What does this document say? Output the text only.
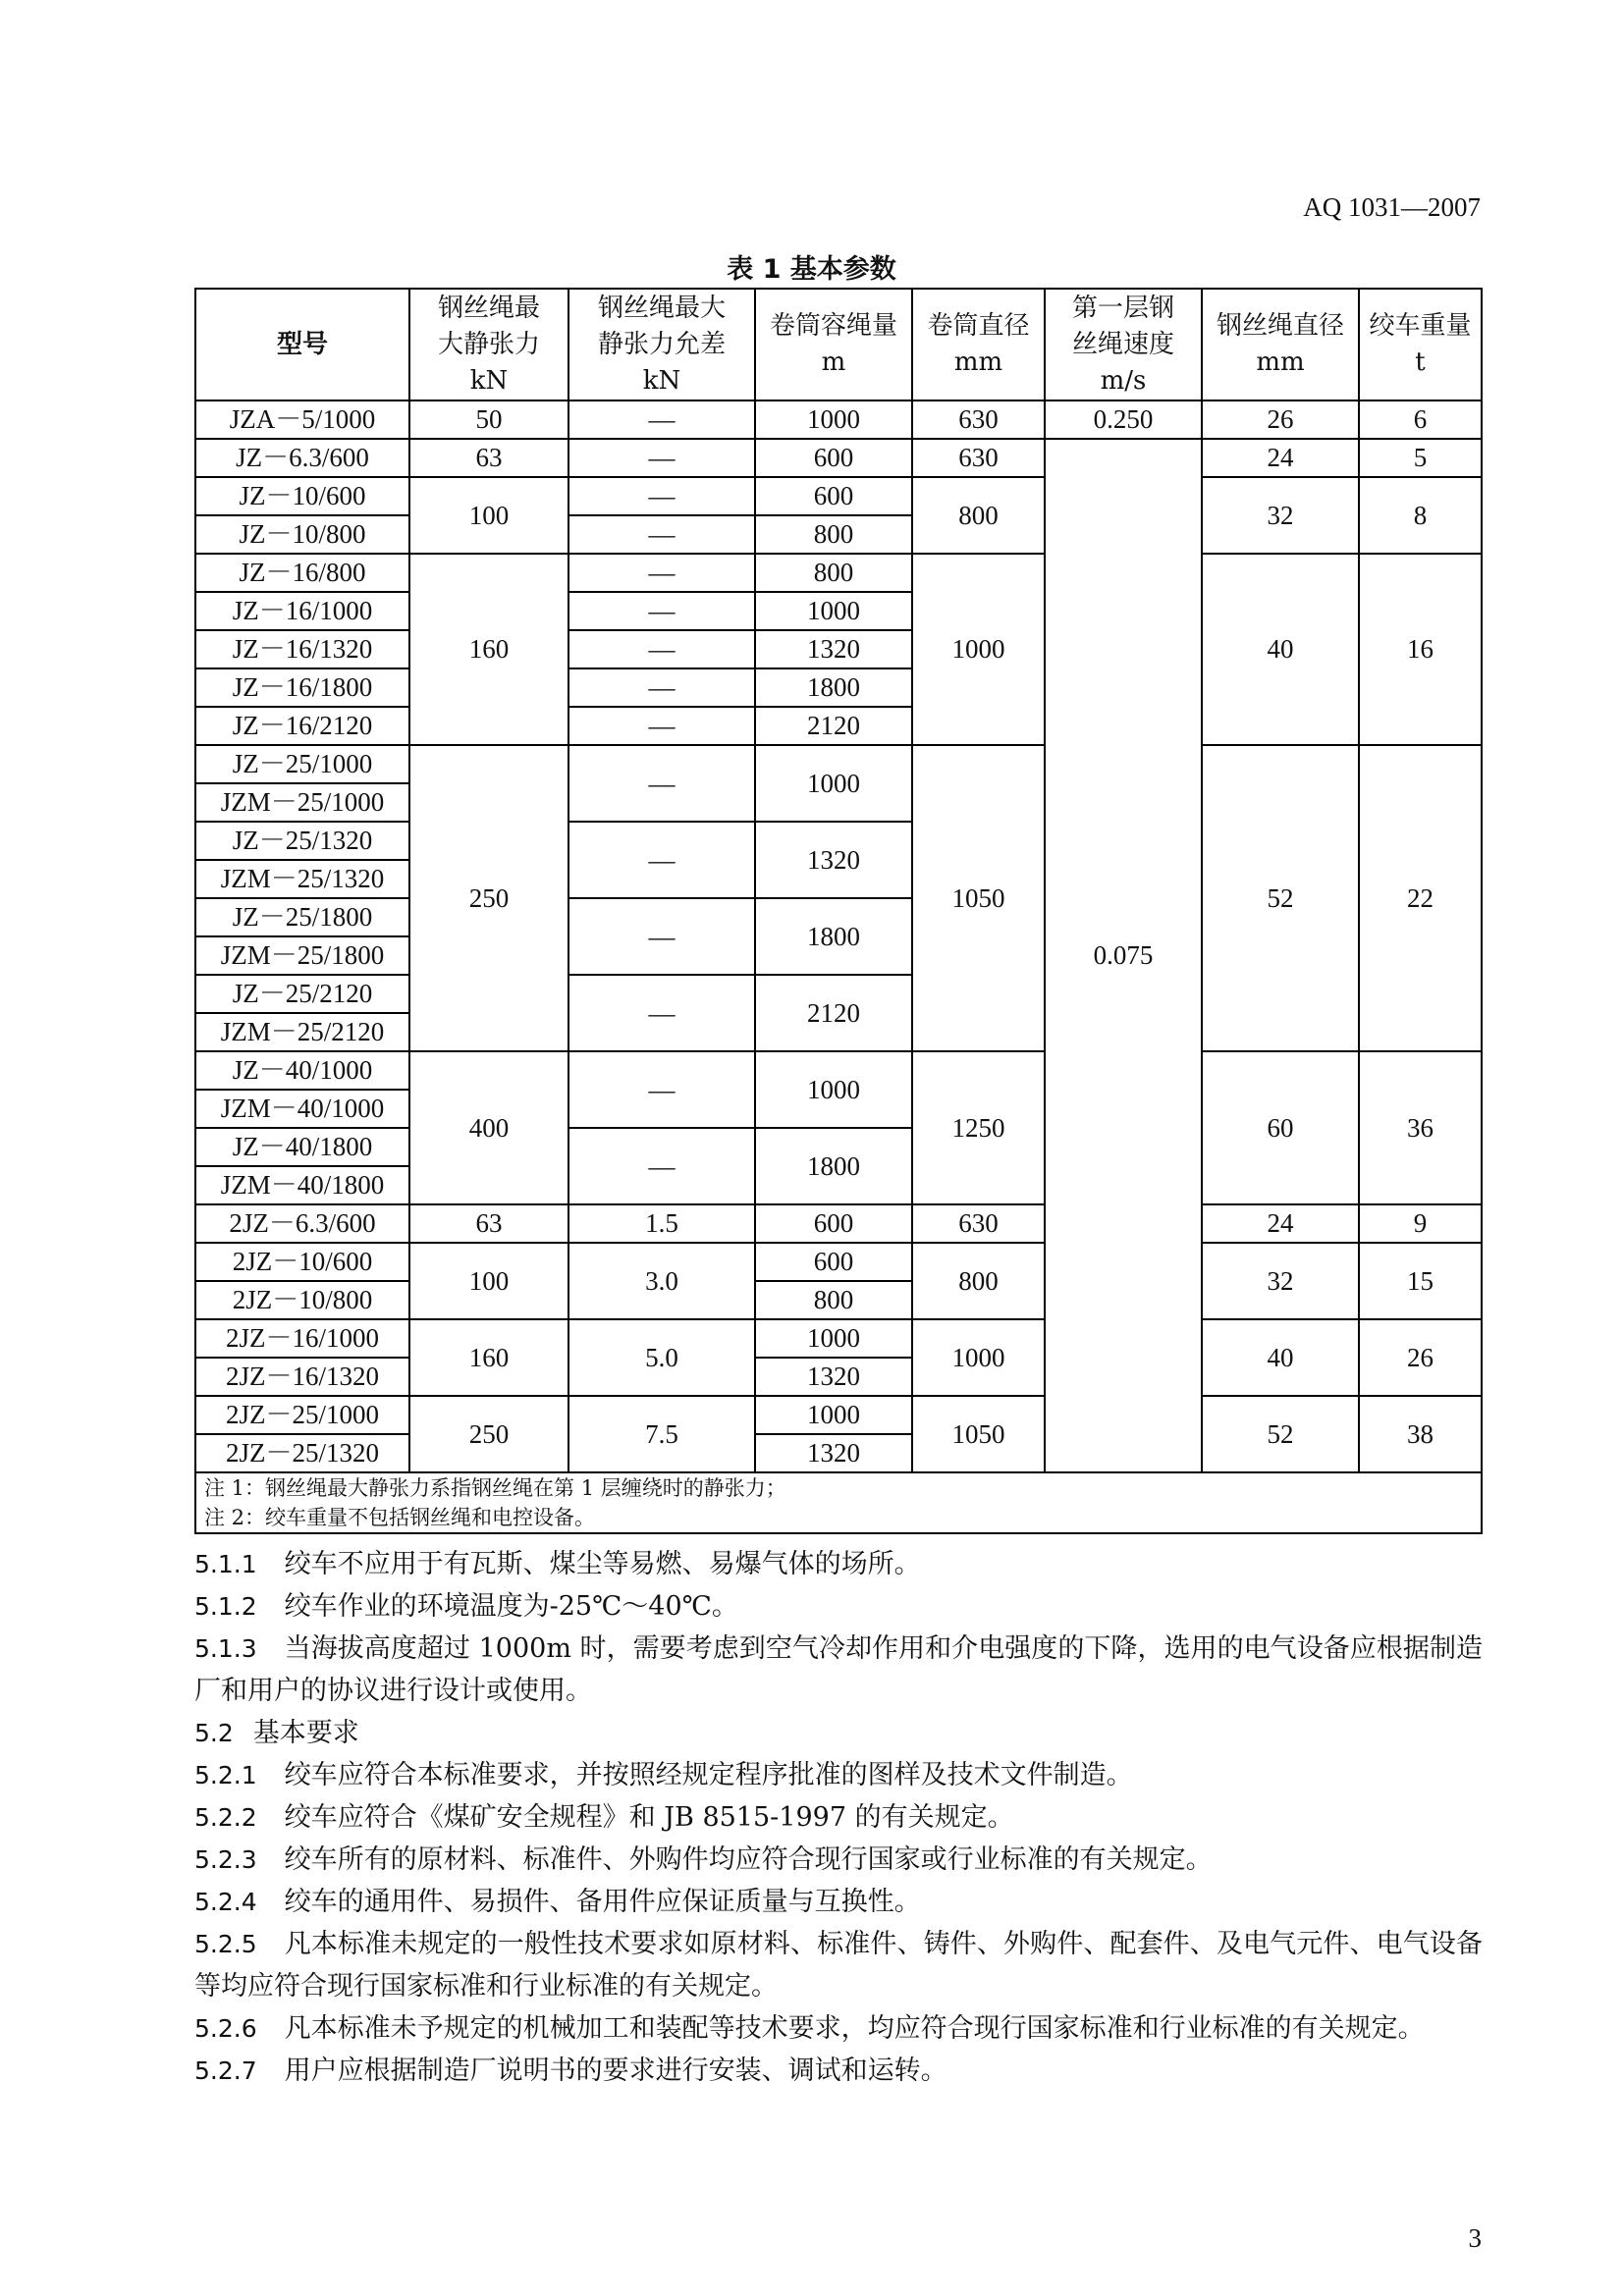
AQ 1031—2007
表 1 基本参数
型号	钢丝绳最
大静张力
kN	钢丝绳最大
静张力允差
kN	卷筒容绳量
m	卷筒直径
mm	第一层钢
丝绳速度
m/s	钢丝绳直径
mm	绞车重量
t

JZA－5/1000	50	—	1000	630	0.250	26	6
JZ－6.3/600	63	—	600	630	0.075	24	5
JZ－10/600	100	—	600	800		32	8
JZ－10/800		—	800				
JZ－16/800	160	—	800	1000		40	16
JZ－16/1000		—	1000				
JZ－16/1320		—	1320				
JZ－16/1800		—	1800				
JZ－16/2120		—	2120				
JZ－25/1000	250	—	1000	1050		52	22
JZM－25/1000							
JZ－25/1320		—	1320				
JZM－25/1320							
JZ－25/1800		—	1800				
JZM－25/1800							
JZ－25/2120		—	2120				
JZM－25/2120							
JZ－40/1000	400	—	1000	1250		60	36
JZM－40/1000							
JZ－40/1800		—	1800				
JZM－40/1800							
2JZ－6.3/600	63	1.5	600	630		24	9
2JZ－10/600	100	3.0	600	800		32	15
2JZ－10/800			800				
2JZ－16/1000	160	5.0	1000	1000		40	26
2JZ－16/1320			1320				
2JZ－25/1000	250	7.5	1000	1050		52	38
2JZ－25/1320			1320				

注 1：钢丝绳最大静张力系指钢丝绳在第 1 层缠绕时的静张力；
注 2：绞车重量不包括钢丝绳和电控设备。							

5.1.1 绞车不应用于有瓦斯、煤尘等易燃、易爆气体的场所。

5.1.2 绞车作业的环境温度为-25℃～40℃。

5.1.3 当海拔高度超过 1000m 时，需要考虑到空气冷却作用和介电强度的下降，选用的电气设备应根据制造厂和用户的协议进行设计或使用。

5.2 基本要求

5.2.1 绞车应符合本标准要求，并按照经规定程序批准的图样及技术文件制造。

5.2.2 绞车应符合《煤矿安全规程》和 JB 8515-1997 的有关规定。

5.2.3 绞车所有的原材料、标准件、外购件均应符合现行国家或行业标准的有关规定。

5.2.4 绞车的通用件、易损件、备用件应保证质量与互换性。

5.2.5 凡本标准未规定的一般性技术要求如原材料、标准件、铸件、外购件、配套件、及电气元件、电气设备等均应符合现行国家标准和行业标准的有关规定。

5.2.6 凡本标准未予规定的机械加工和装配等技术要求，均应符合现行国家标准和行业标准的有关规定。

5.2.7 用户应根据制造厂说明书的要求进行安装、调试和运转。

3
